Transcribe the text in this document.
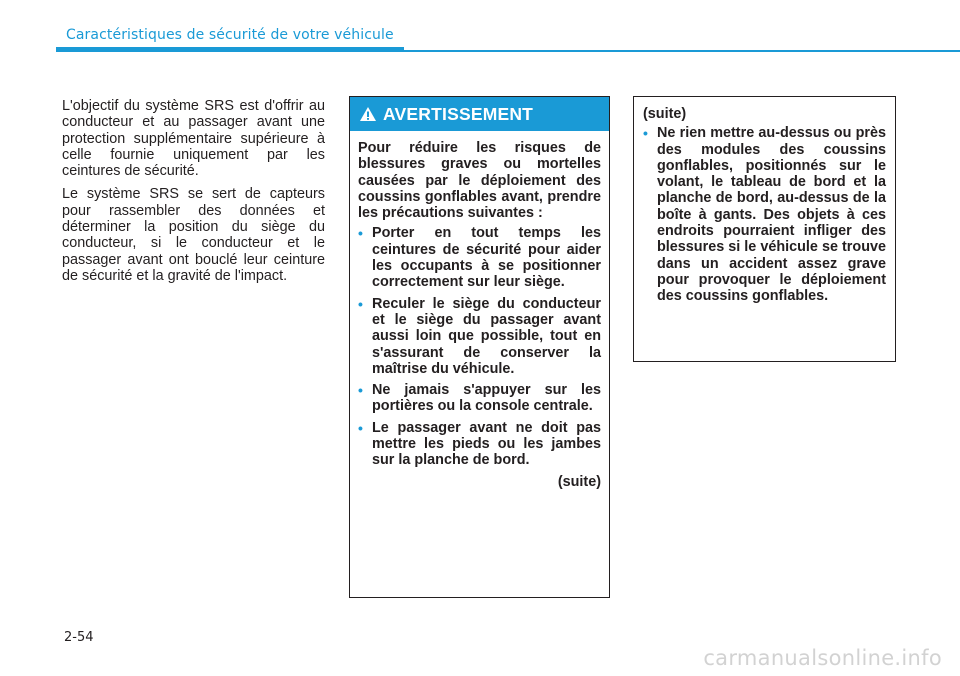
Caractéristiques de sécurité de votre véhicule

L'objectif du système SRS est d'offrir au conducteur et au passager avant une protection supplémentaire supérieure à celle fournie uniquement par les ceintures de sécurité.

Le système SRS se sert de capteurs pour rassembler des données et déterminer la position du siège du conducteur, si le conducteur et le passager avant ont bouclé leur ceinture de sécurité et la gravité de l'impact.

AVERTISSEMENT

Pour réduire les risques de blessures graves ou mortelles causées par le déploiement des coussins gonflables avant, prendre les précautions suivantes :

• Porter en tout temps les ceintures de sécurité pour aider les occupants à se positionner correctement sur leur siège.
• Reculer le siège du conducteur et le siège du passager avant aussi loin que possible, tout en s'assurant de conserver la maîtrise du véhicule.
• Ne jamais s'appuyer sur les portières ou la console centrale.
• Le passager avant ne doit pas mettre les pieds ou les jambes sur la planche de bord.
(suite)
(suite)
• Ne rien mettre au-dessus ou près des modules des coussins gonflables, positionnés sur le volant, le tableau de bord et la planche de bord, au-dessus de la boîte à gants. Des objets à ces endroits pourraient infliger des blessures si le véhicule se trouve dans un accident assez grave pour provoquer le déploiement des coussins gonflables.
2-54
carmanualsonline.info
